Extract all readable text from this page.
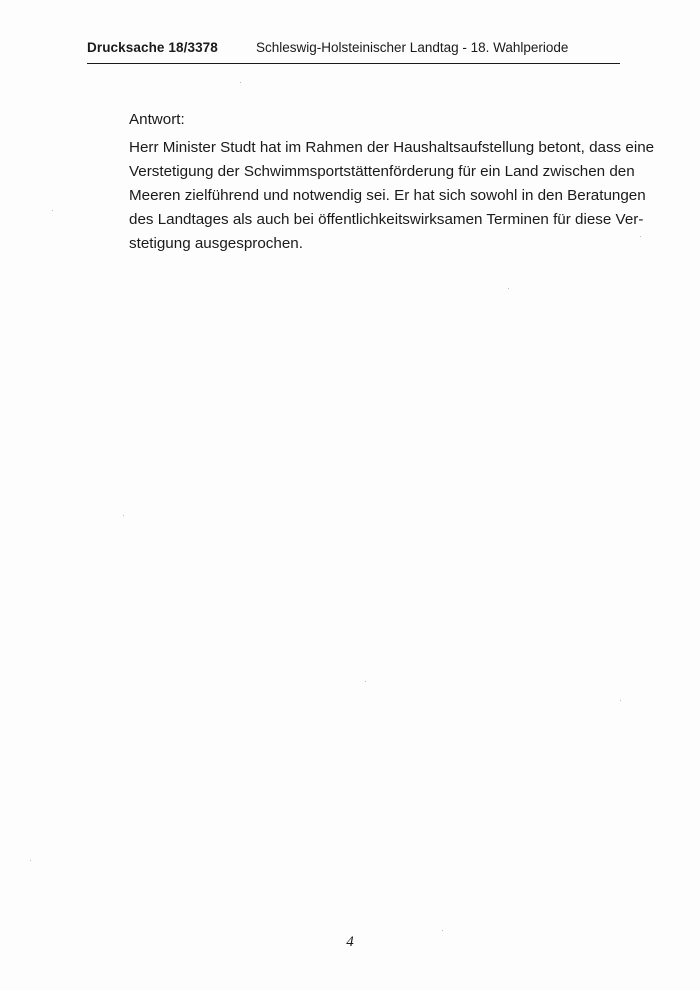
Drucksache 18/3378	Schleswig-Holsteinischer Landtag - 18. Wahlperiode
Antwort:
Herr Minister Studt hat im Rahmen der Haushaltsaufstellung betont, dass eine
Verstetigung der Schwimmsportstättenförderung für ein Land zwischen den
Meeren zielführend und notwendig sei. Er hat sich sowohl in den Beratungen
des Landtages als auch bei öffentlichkeitswirksamen Terminen für diese Ver-
stetigung ausgesprochen.
4
